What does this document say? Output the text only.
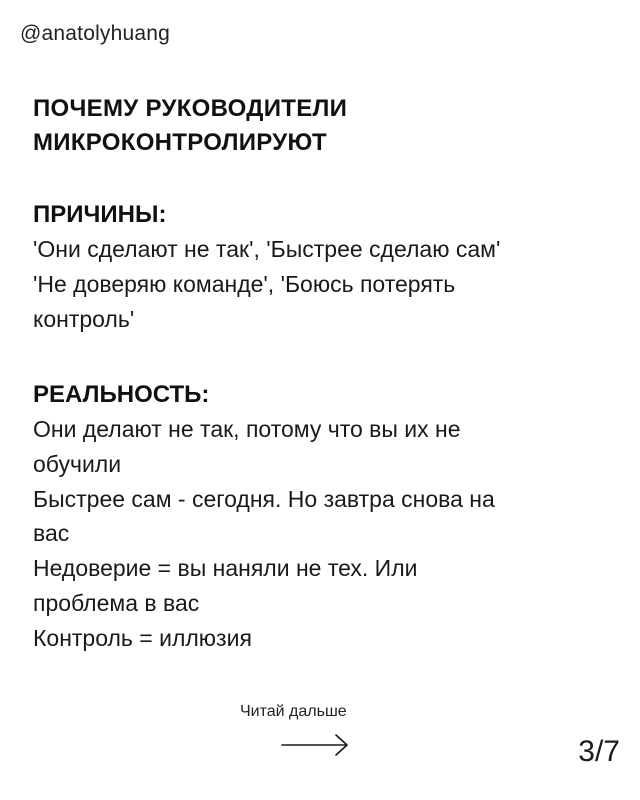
@anatolyhuang
ПОЧЕМУ РУКОВОДИТЕЛИ
МИКРОКОНТРОЛИРУЮТ

ПРИЧИНЫ:

'Они сделают не так', 'Быстрее сделаю сам'

'Не доверяю команде', 'Боюсь потерять

контроль'

РЕАЛЬНОСТЬ:

Они делают не так, потому что вы их не

обучили

Быстрее сам - сегодня. Но завтра снова на

вас

Недоверие = вы наняли не тех. Или

проблема в вас

Контроль = иллюзия

Читай дальше
3/7
